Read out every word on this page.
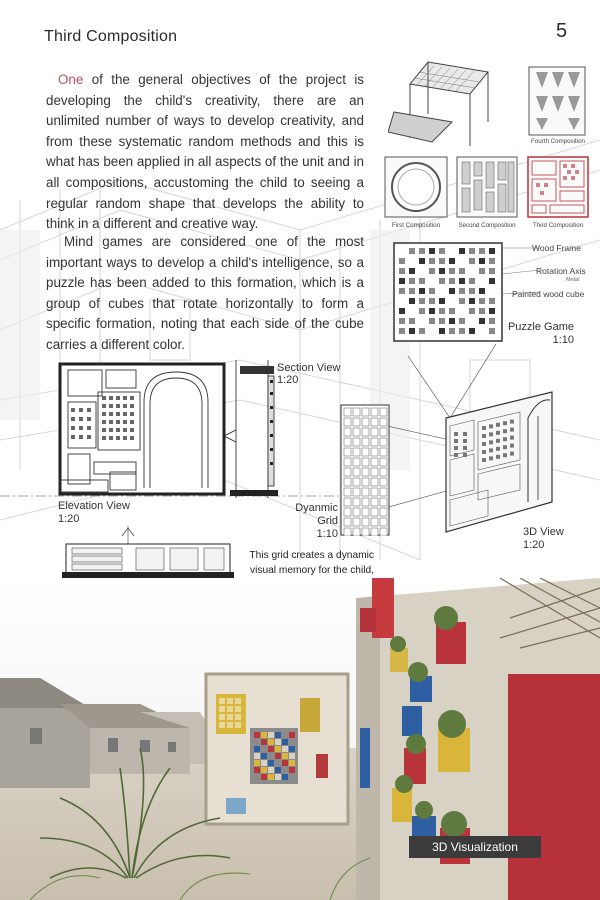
Third Composition	5
One of the general objectives of the project is developing the child's creativity, there are an unlimited number of ways to develop creativity, and from these systematic random methods and this is what has been applied in all aspects of the unit and in all compositions, accustoming the child to seeing a regular random shape that develops the ability to think in a different and creative way.
Mind games are considered one of the most important ways to develop a child's intelligence, so a puzzle has been added to this formation, which is a group of cubes that rotate horizontally to form a specific formation, noting that each side of the cube carries a different color.
Fourth Composition
First Composition	Second Composition	Third Composition
Wood Frame
Rotation Axis
Metal
Painted wood cube
Puzzle Game
1:10
Elevation View
1:20
Section View
1:20
Dyanmic
Grid
1:10	3D View
1:20
This grid creates a dynamic visual memory for the child,
3D Visualization
